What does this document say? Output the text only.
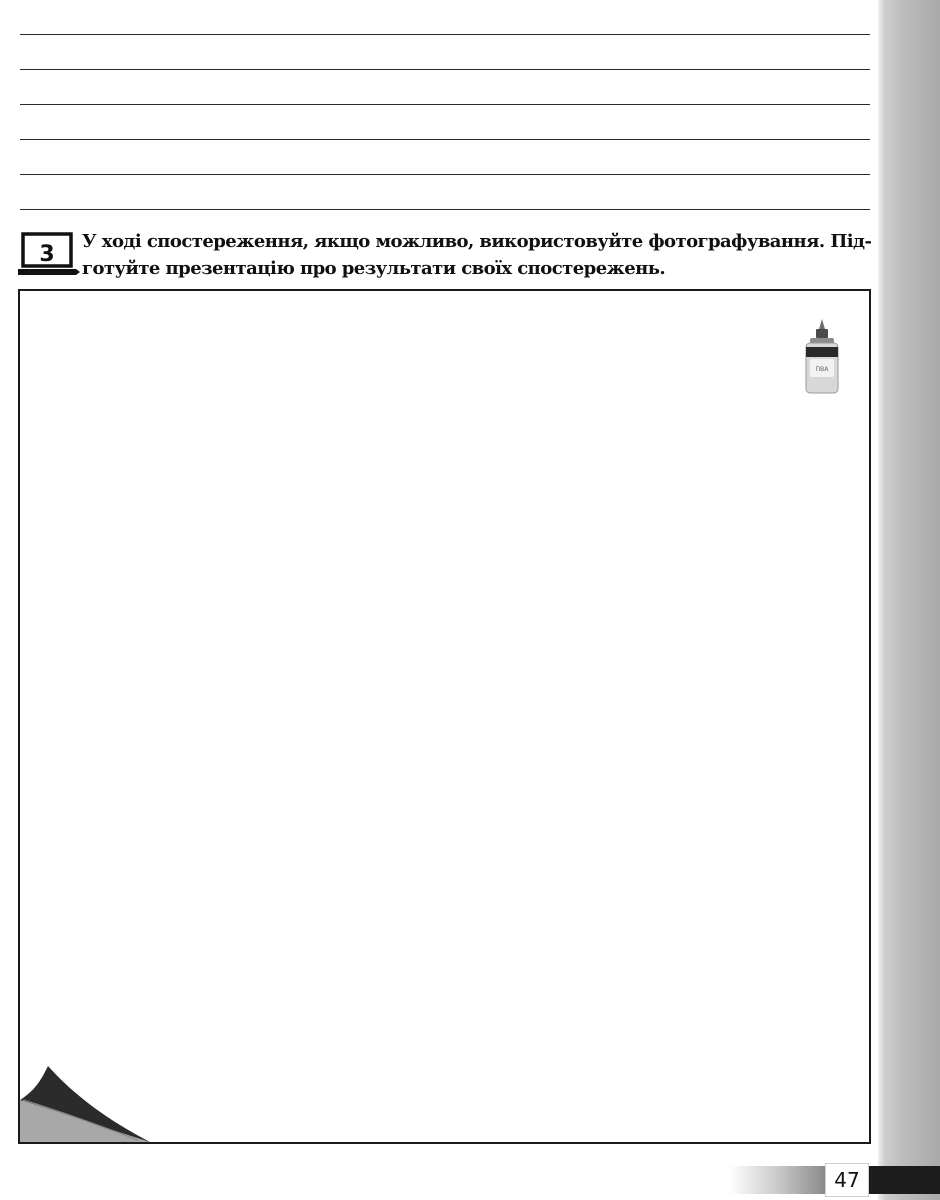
3

У ході спостереження, якщо можливо, використовуйте фотографування. Під-
готуйте презентацію про результати своїх спостережень.

ПВА
47
